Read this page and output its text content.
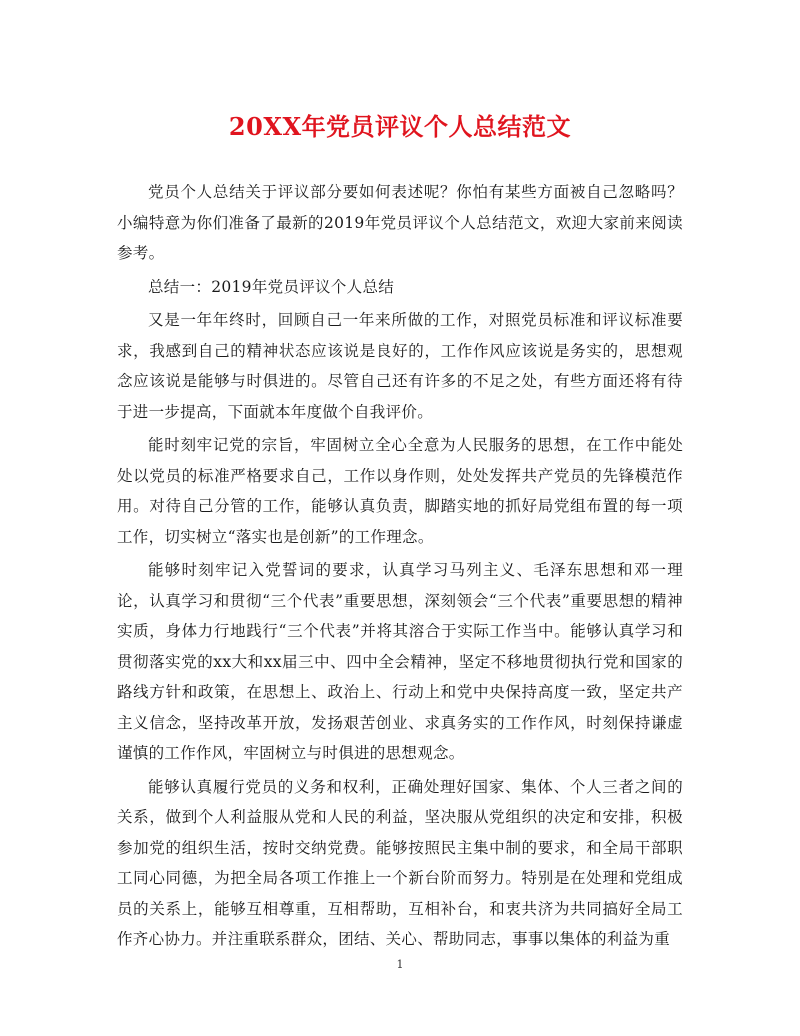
20XX年党员评议个人总结范文

党员个人总结关于评议部分要如何表述呢？你怕有某些方面被自己忽略吗？小编特意为你们准备了最新的2019年党员评议个人总结范文，欢迎大家前来阅读参考。

总结一：2019年党员评议个人总结

又是一年年终时，回顾自己一年来所做的工作，对照党员标准和评议标准要求，我感到自己的精神状态应该说是良好的，工作作风应该说是务实的，思想观念应该说是能够与时俱进的。尽管自己还有许多的不足之处，有些方面还将有待于进一步提高，下面就本年度做个自我评价。

能时刻牢记党的宗旨，牢固树立全心全意为人民服务的思想，在工作中能处处以党员的标准严格要求自己，工作以身作则，处处发挥共产党员的先锋模范作用。对待自己分管的工作，能够认真负责，脚踏实地的抓好局党组布置的每一项工作，切实树立“落实也是创新”的工作理念。

能够时刻牢记入党誓词的要求，认真学习马列主义、毛泽东思想和邓一理论，认真学习和贯彻“三个代表”重要思想，深刻领会“三个代表”重要思想的精神实质，身体力行地践行“三个代表”并将其溶合于实际工作当中。能够认真学习和贯彻落实党的xx大和xx届三中、四中全会精神，坚定不移地贯彻执行党和国家的路线方针和政策，在思想上、政治上、行动上和党中央保持高度一致，坚定共产主义信念，坚持改革开放，发扬艰苦创业、求真务实的工作作风，时刻保持谦虚谨慎的工作作风，牢固树立与时俱进的思想观念。

能够认真履行党员的义务和权利，正确处理好国家、集体、个人三者之间的关系，做到个人利益服从党和人民的利益，坚决服从党组织的决定和安排，积极参加党的组织生活，按时交纳党费。能够按照民主集中制的要求，和全局干部职工同心同德，为把全局各项工作推上一个新台阶而努力。特别是在处理和党组成员的关系上，能够互相尊重，互相帮助，互相补台，和衷共济为共同搞好全局工作齐心协力。并注重联系群众，团结、关心、帮助同志，事事以集体的利益为重

1
